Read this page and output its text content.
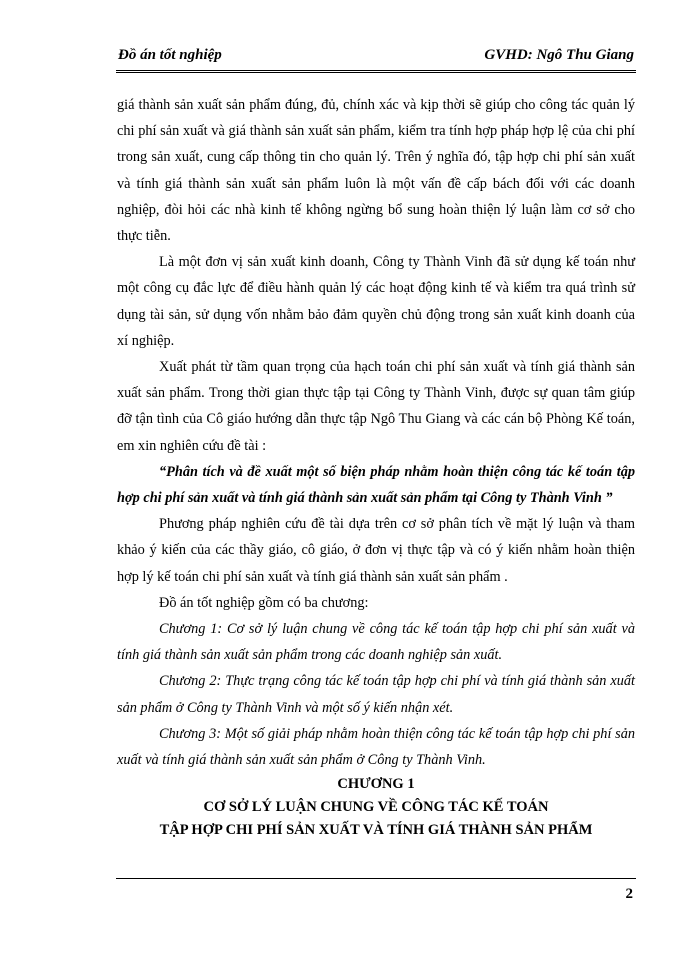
Đồ án tốt nghiệp	GVHD: Ngô Thu Giang

giá thành sản xuất sản phẩm đúng, đủ, chính xác và kịp thời sẽ giúp cho công tác quản lý chi phí sản xuất và giá thành sản xuất sản phẩm, kiểm tra tính hợp pháp hợp lệ của chi phí trong sản xuất, cung cấp thông tin cho quản lý. Trên ý nghĩa đó, tập hợp chi phí sản xuất và tính giá thành sản xuất sản phẩm luôn là một vấn đề cấp bách đối với các doanh nghiệp, đòi hỏi các nhà kinh tế không ngừng bổ sung hoàn thiện lý luận làm cơ sở cho thực tiễn.

Là một đơn vị sản xuất kinh doanh, Công ty Thành Vinh đã sử dụng kế toán như một công cụ đắc lực để điều hành quản lý các hoạt động kinh tế và kiểm tra quá trình sử dụng tài sản, sử dụng vốn nhằm bảo đảm quyền chủ động trong sản xuất kinh doanh của xí nghiệp.

Xuất phát từ tầm quan trọng của hạch toán chi phí sản xuất và tính giá thành sản xuất sản phẩm. Trong thời gian thực tập tại Công ty Thành Vinh, được sự quan tâm giúp đỡ tận tình của Cô giáo hướng dẫn thực tập Ngô Thu Giang và các cán bộ Phòng Kế toán, em xin nghiên cứu đề tài :

“Phân tích và đề xuất một số biện pháp nhằm hoàn thiện công tác kế toán tập hợp chi phí sản xuất và tính giá thành sản xuất sản phẩm tại Công ty Thành Vinh ”

Phương pháp nghiên cứu đề tài dựa trên cơ sở phân tích về mặt lý luận và tham khảo ý kiến của các thầy giáo, cô giáo, ở đơn vị thực tập và có ý kiến nhằm hoàn thiện hợp lý kế toán chi phí sản xuất và tính giá thành sản xuất sản phẩm .

Đồ án tốt nghiệp gồm có ba chương:

Chương 1: Cơ sở lý luận chung về công tác kế toán tập hợp chi phí sản xuất và tính giá thành sản xuất sản phẩm trong các doanh nghiệp sản xuất.

Chương 2: Thực trạng công tác kế toán tập hợp chi phí và tính giá thành sản xuất sản phẩm ở Công ty Thành Vinh và một số ý kiến nhận xét.

Chương 3: Một số giải pháp nhằm hoàn thiện công tác kế toán tập hợp chi phí sản xuất và tính giá thành sản xuất sản phẩm ở Công ty Thành Vinh.

CHƯƠNG 1
CƠ SỞ LÝ LUẬN CHUNG VỀ CÔNG TÁC KẾ TOÁN
TẬP HỢP CHI PHÍ SẢN XUẤT VÀ TÍNH GIÁ THÀNH SẢN PHẨM
2
